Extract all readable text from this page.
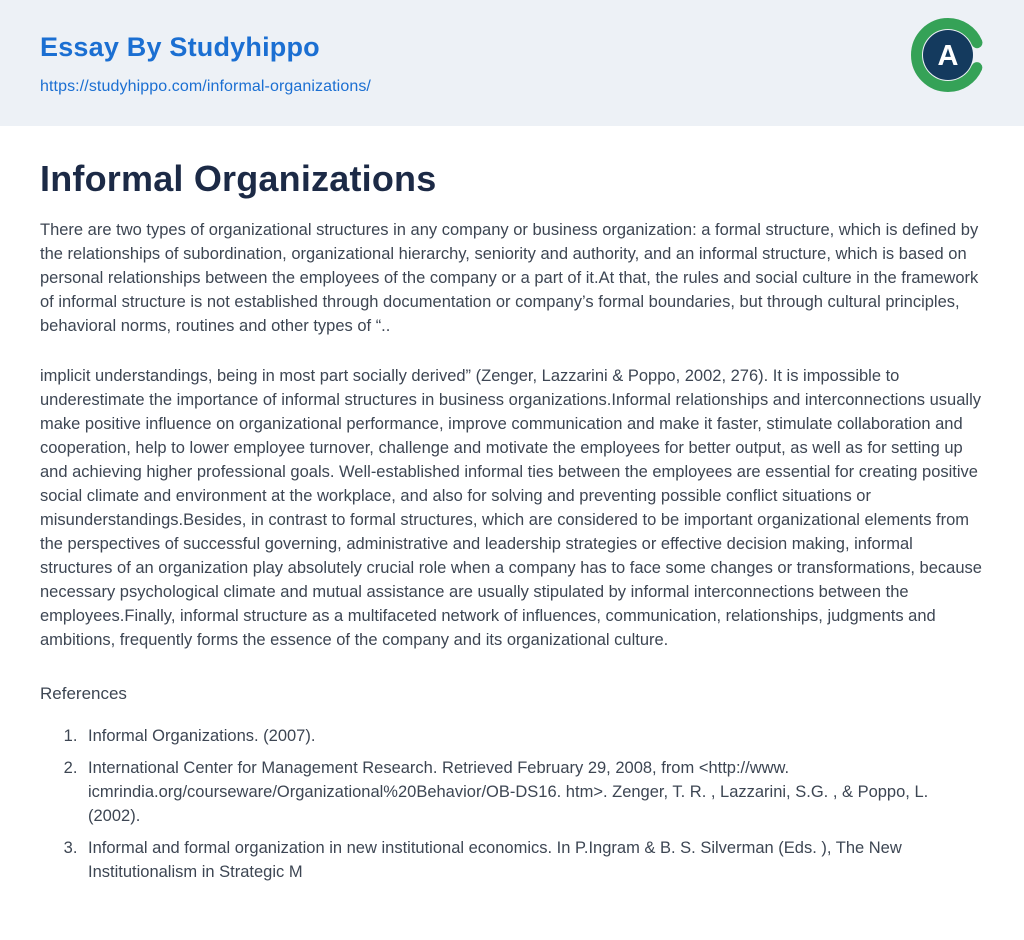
Essay By Studyhippo
https://studyhippo.com/informal-organizations/
A
Informal Organizations

There are two types of organizational structures in any company or business organization: a formal structure, which is defined by the relationships of subordination, organizational hierarchy, seniority and authority, and an informal structure, which is based on personal relationships between the employees of the company or a part of it.At that, the rules and social culture in the framework of informal structure is not established through documentation or company’s formal boundaries, but through cultural principles, behavioral norms, routines and other types of “..

implicit understandings, being in most part socially derived” (Zenger, Lazzarini & Poppo, 2002, 276). It is impossible to underestimate the importance of informal structures in business organizations.Informal relationships and interconnections usually make positive influence on organizational performance, improve communication and make it faster, stimulate collaboration and cooperation, help to lower employee turnover, challenge and motivate the employees for better output, as well as for setting up and achieving higher professional goals. Well-established informal ties between the employees are essential for creating positive social climate and environment at the workplace, and also for solving and preventing possible conflict situations or misunderstandings.Besides, in contrast to formal structures, which are considered to be important organizational elements from the perspectives of successful governing, administrative and leadership strategies or effective decision making, informal structures of an organization play absolutely crucial role when a company has to face some changes or transformations, because necessary psychological climate and mutual assistance are usually stipulated by informal interconnections between the employees.Finally, informal structure as a multifaceted network of influences, communication, relationships, judgments and ambitions, frequently forms the essence of the company and its organizational culture.

References
1. Informal Organizations. (2007).
2. International Center for Management Research. Retrieved February 29, 2008, from <http://www. icmrindia.org/courseware/Organizational%20Behavior/OB-DS16. htm>. Zenger, T. R. , Lazzarini, S.G. , & Poppo, L. (2002).
3. Informal and formal organization in new institutional economics. In P.Ingram & B. S. Silverman (Eds. ), The New Institutionalism in Strategic M
